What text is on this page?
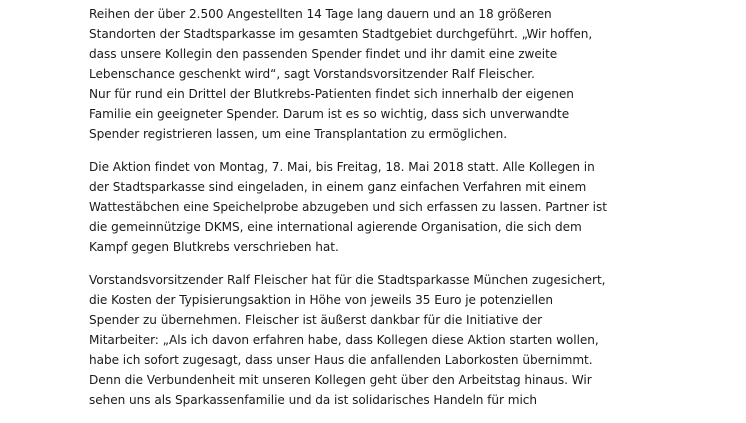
Reihen der über 2.500 Angestellten 14 Tage lang dauern und an 18 größeren
Standorten der Stadtsparkasse im gesamten Stadtgebiet durchgeführt. „Wir hoffen,
dass unsere Kollegin den passenden Spender findet und ihr damit eine zweite
Lebenschance geschenkt wird“, sagt Vorstandsvorsitzender Ralf Fleischer.
Nur für rund ein Drittel der Blutkrebs-Patienten findet sich innerhalb der eigenen
Familie ein geeigneter Spender. Darum ist es so wichtig, dass sich unverwandte
Spender registrieren lassen, um eine Transplantation zu ermöglichen.

Die Aktion findet von Montag, 7. Mai, bis Freitag, 18. Mai 2018 statt. Alle Kollegen in
der Stadtsparkasse sind eingeladen, in einem ganz einfachen Verfahren mit einem
Wattestäbchen eine Speichelprobe abzugeben und sich erfassen zu lassen. Partner ist
die gemeinnützige DKMS, eine international agierende Organisation, die sich dem
Kampf gegen Blutkrebs verschrieben hat.

Vorstandsvorsitzender Ralf Fleischer hat für die Stadtsparkasse München zugesichert,
die Kosten der Typisierungsaktion in Höhe von jeweils 35 Euro je potenziellen
Spender zu übernehmen. Fleischer ist äußerst dankbar für die Initiative der
Mitarbeiter: „Als ich davon erfahren habe, dass Kollegen diese Aktion starten wollen,
habe ich sofort zugesagt, dass unser Haus die anfallenden Laborkosten übernimmt.
Denn die Verbundenheit mit unseren Kollegen geht über den Arbeitstag hinaus. Wir
sehen uns als Sparkassenfamilie und da ist solidarisches Handeln für mich
